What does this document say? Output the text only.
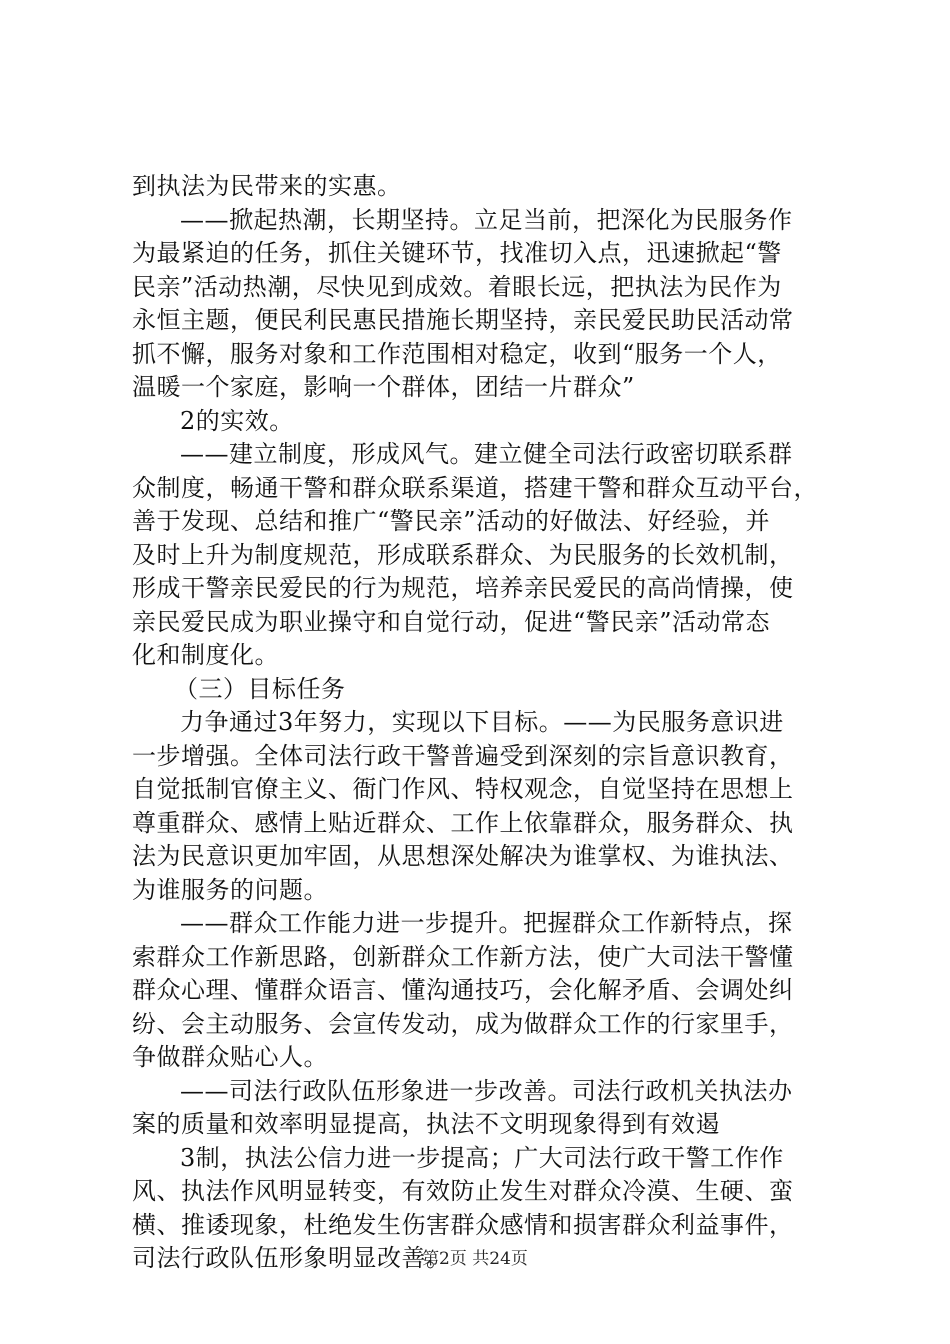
到执法为民带来的实惠。
——掀起热潮，长期坚持。立足当前，把深化为民服务作
为最紧迫的任务，抓住关键环节，找准切入点，迅速掀起“警
民亲”活动热潮，尽快见到成效。着眼长远，把执法为民作为
永恒主题，便民利民惠民措施长期坚持，亲民爱民助民活动常
抓不懈，服务对象和工作范围相对稳定，收到“服务一个人，
温暖一个家庭，影响一个群体，团结一片群众”
2的实效。
——建立制度，形成风气。建立健全司法行政密切联系群
众制度，畅通干警和群众联系渠道，搭建干警和群众互动平台，
善于发现、总结和推广“警民亲”活动的好做法、好经验，并
及时上升为制度规范，形成联系群众、为民服务的长效机制，
形成干警亲民爱民的行为规范，培养亲民爱民的高尚情操，使
亲民爱民成为职业操守和自觉行动，促进“警民亲”活动常态
化和制度化。
（三）目标任务
力争通过3年努力，实现以下目标。——为民服务意识进
一步增强。全体司法行政干警普遍受到深刻的宗旨意识教育，
自觉抵制官僚主义、衙门作风、特权观念，自觉坚持在思想上
尊重群众、感情上贴近群众、工作上依靠群众，服务群众、执
法为民意识更加牢固，从思想深处解决为谁掌权、为谁执法、
为谁服务的问题。
——群众工作能力进一步提升。把握群众工作新特点，探
索群众工作新思路，创新群众工作新方法，使广大司法干警懂
群众心理、懂群众语言、懂沟通技巧，会化解矛盾、会调处纠
纷、会主动服务、会宣传发动，成为做群众工作的行家里手，
争做群众贴心人。
——司法行政队伍形象进一步改善。司法行政机关执法办
案的质量和效率明显提高，执法不文明现象得到有效遏
3制，执法公信力进一步提高；广大司法行政干警工作作
风、执法作风明显转变，有效防止发生对群众冷漠、生硬、蛮
横、推诿现象，杜绝发生伤害群众感情和损害群众利益事件，
司法行政队伍形象明显改善。
第2页 共24页
